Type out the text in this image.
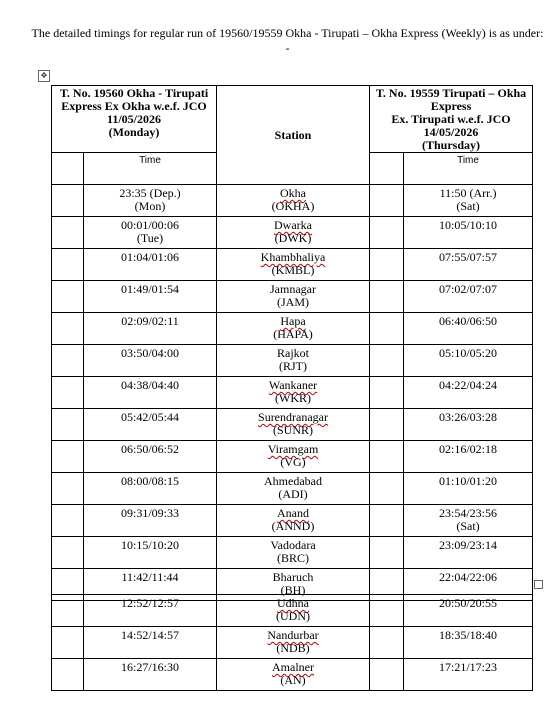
The detailed timings for regular run of 19560/19559 Okha - Tirupati – Okha Express (Weekly) is as under: -
✥
T. No. 19560 Okha - Tirupati
Express Ex Okha w.e.f. JCO
11/05/2026
(Monday)		Station	T. No. 19559 Tirupati – Okha Express
Ex. Tirupati w.e.f. JCO 14/05/2026
(Thursday)	

	Time			Time

	23:35 (Dep.)
(Mon)	Okha
(OKHA)		11:50 (Arr.)
(Sat)

	00:01/00:06
(Tue)	Dwarka
(DWK)		10:05/10:10

	01:04/01:06	Khambhaliya
(KMBL)		07:55/07:57

	01:49/01:54	Jamnagar
(JAM)		07:02/07:07

	02:09/02:11	Hapa
(HAPA)		06:40/06:50

	03:50/04:00	Rajkot
(RJT)		05:10/05:20

	04:38/04:40	Wankaner
(WKR)		04:22/04:24

	05:42/05:44	Surendranagar
(SUNR)		03:26/03:28

	06:50/06:52	Viramgam
(VG)		02:16/02:18

	08:00/08:15	Ahmedabad
(ADI)		01:10/01:20

	09:31/09:33	Anand
(ANND)		23:54/23:56
(Sat)

	10:15/10:20	Vadodara
(BRC)		23:09/23:14

	11:42/11:44	Bharuch
(BH)		22:04/22:06

	12:52/12:57	Udhna
(UDN)		20:50/20:55

	14:52/14:57	Nandurbar
(NDB)		18:35/18:40

	16:27/16:30	Amalner
(AN)		17:21/17:23
